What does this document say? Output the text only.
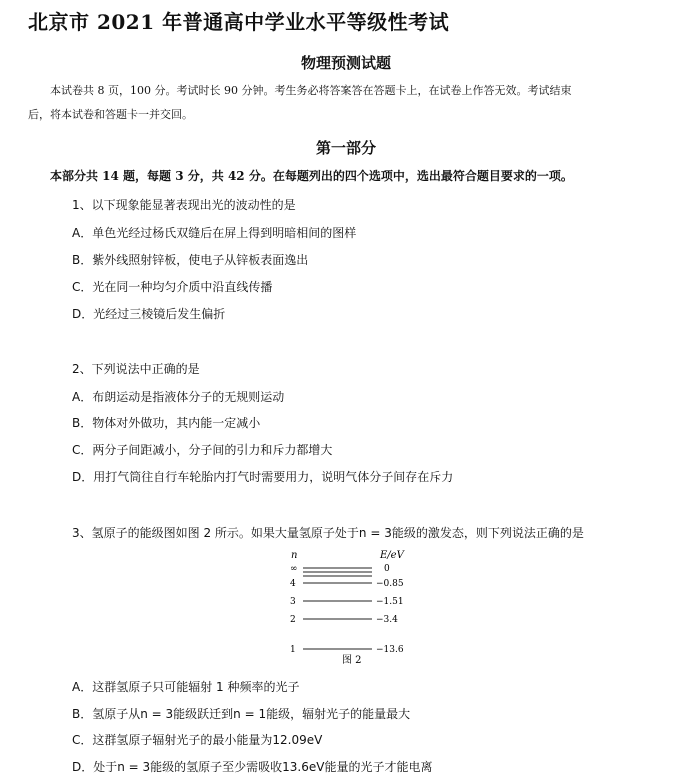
北京市 2021 年普通高中学业水平等级性考试
物理预测试题
本试卷共 8 页，100 分。考试时长 90 分钟。考生务必将答案答在答题卡上，在试卷上作答无效。考试结束
后，将本试卷和答题卡一并交回。
第一部分
本部分共 14 题，每题 3 分，共 42 分。在每题列出的四个选项中，选出最符合题目要求的一项。
1、以下现象能显著表现出光的波动性的是
A．单色光经过杨氏双缝后在屏上得到明暗相间的图样
B．紫外线照射锌板，使电子从锌板表面逸出
C．光在同一种均匀介质中沿直线传播
D．光经过三棱镜后发生偏折
2、下列说法中正确的是
A．布朗运动是指液体分子的无规则运动
B．物体对外做功，其内能一定减小
C．两分子间距减小，分子间的引力和斥力都增大
D．用打气筒往自行车轮胎内打气时需要用力，说明气体分子间存在斥力
3、氢原子的能级图如图 2 所示。如果大量氢原子处于n = 3能级的激发态，则下列说法正确的是
n	E/eV
∞	0
4	−0.85
3	−1.51
2	−3.4
1	−13.6
图 2
A．这群氢原子只可能辐射 1 种频率的光子
B．氢原子从n = 3能级跃迁到n = 1能级，辐射光子的能量最大
C．这群氢原子辐射光子的最小能量为12.09eV
D．处于n = 3能级的氢原子至少需吸收13.6eV能量的光子才能电离
